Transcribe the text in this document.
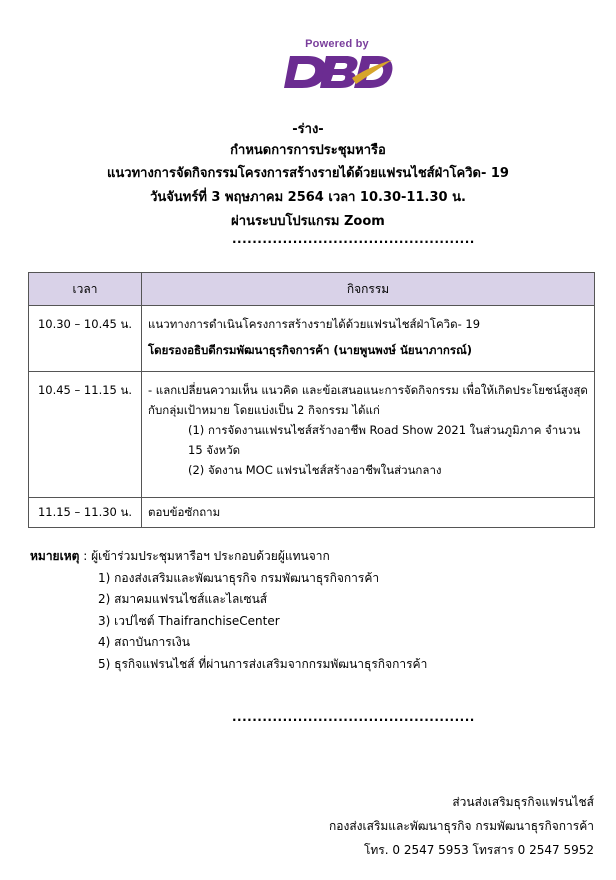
Powered by
-ร่าง-
กำหนดการการประชุมหารือ
แนวทางการจัดกิจกรรมโครงการสร้างรายได้ด้วยแฟรนไชส์ฝ่าโควิด- 19
วันจันทร์ที่ 3 พฤษภาคม 2564 เวลา 10.30-11.30 น.
ผ่านระบบโปรแกรม Zoom
................................................
เวลา	กิจกรรม
10.30 – 10.45 น.	แนวทางการดำเนินโครงการสร้างรายได้ด้วยแฟรนไชส์ฝ่าโควิด- 19
โดยรองอธิบดีกรมพัฒนาธุรกิจการค้า (นายพูนพงษ์ นัยนาภากรณ์)

10.45 – 11.15 น.	- แลกเปลี่ยนความเห็น แนวคิด และข้อเสนอแนะการจัดกิจกรรม เพื่อให้เกิดประโยชน์สูงสุดกับกลุ่มเป้าหมาย โดยแบ่งเป็น 2 กิจกรรม ได้แก่
(1) การจัดงานแฟรนไชส์สร้างอาชีพ Road Show 2021 ในส่วนภูมิภาค จำนวน 15 จังหวัด
(2) จัดงาน MOC แฟรนไชส์สร้างอาชีพในส่วนกลาง

11.15 – 11.30 น.	ตอบข้อซักถาม
หมายเหตุ : ผู้เข้าร่วมประชุมหารือฯ ประกอบด้วยผู้แทนจาก
1) กองส่งเสริมและพัฒนาธุรกิจ กรมพัฒนาธุรกิจการค้า
2) สมาคมแฟรนไชส์และไลเซนส์
3) เวปไซต์ ThaifranchiseCenter
4) สถาบันการเงิน
5) ธุรกิจแฟรนไชส์ ที่ผ่านการส่งเสริมจากกรมพัฒนาธุรกิจการค้า
................................................
ส่วนส่งเสริมธุรกิจแฟรนไชส์
กองส่งเสริมและพัฒนาธุรกิจ กรมพัฒนาธุรกิจการค้า
โทร. 0 2547 5953 โทรสาร 0 2547 5952
